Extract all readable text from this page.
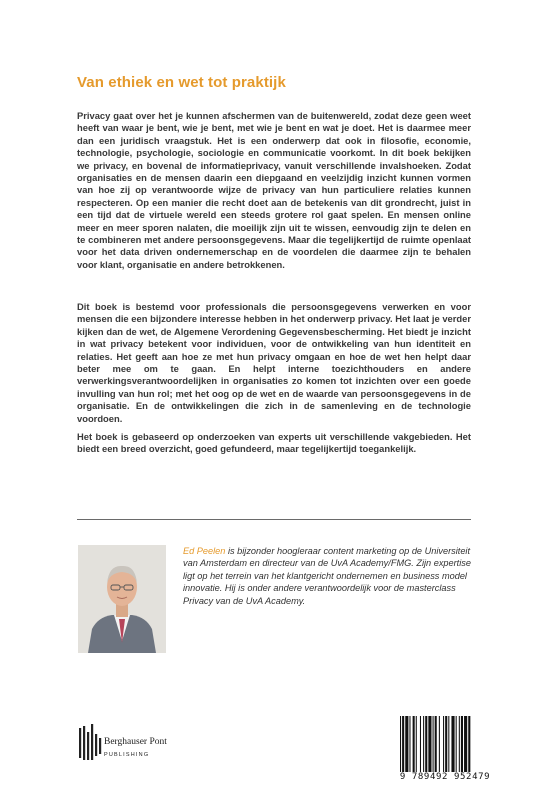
Van ethiek en wet tot praktijk

Privacy gaat over het je kunnen afschermen van de buitenwereld, zodat deze geen weet heeft van waar je bent, wie je bent, met wie je bent en wat je doet. Het is daarmee meer dan een juridisch vraagstuk. Het is een onderwerp dat ook in filosofie, economie, technologie, psychologie, sociologie en communicatie voorkomt. In dit boek bekijken we privacy, en bovenal de informatieprivacy, vanuit verschillende invalshoeken. Zodat organisaties en de mensen daarin een diepgaand en veelzijdig inzicht kunnen vormen van hoe zij op verantwoorde wijze de privacy van hun particuliere relaties kunnen respecteren. Op een manier die recht doet aan de betekenis van dit grondrecht, juist in een tijd dat de virtuele wereld een steeds grotere rol gaat spelen. En mensen online meer en meer sporen nalaten, die moeilijk zijn uit te wissen, eenvoudig zijn te delen en te combineren met andere persoonsgegevens. Maar die tegelijkertijd de ruimte openlaat voor het data driven ondernemerschap en de voordelen die daarmee zijn te behalen voor klant, organisatie en andere betrokkenen.

Dit boek is bestemd voor professionals die persoonsgegevens verwerken en voor mensen die een bijzondere interesse hebben in het onderwerp privacy. Het laat je verder kijken dan de wet, de Algemene Verordening Gegevensbescherming. Het biedt je inzicht in wat privacy betekent voor individuen, voor de ontwikkeling van hun identiteit en relaties. Het geeft aan hoe ze met hun privacy omgaan en hoe de wet hen helpt daar beter mee om te gaan. En helpt interne toezichthouders en andere verwerkingsverantwoordelijken in organisaties zo komen tot inzichten over een goede invulling van hun rol; met het oog op de wet en de waarde van persoonsgegevens in de organisatie. En de ontwikkelingen die zich in de samenleving en de technologie voordoen.

Het boek is gebaseerd op onderzoeken van experts uit verschillende vakgebieden. Het biedt een breed overzicht, goed gefundeerd, maar tegelijkertijd toegankelijk.

Ed Peelen is bijzonder hoogleraar content marketing op de Universiteit van Amsterdam en directeur van de UvA Academy/FMG. Zijn expertise ligt op het terrein van het klantgericht ondernemen en business model innovatie. Hij is onder andere verantwoordelijk voor de masterclass Privacy van de UvA Academy.

Berghauser Pont
PUBLISHING
9 789492 952479
